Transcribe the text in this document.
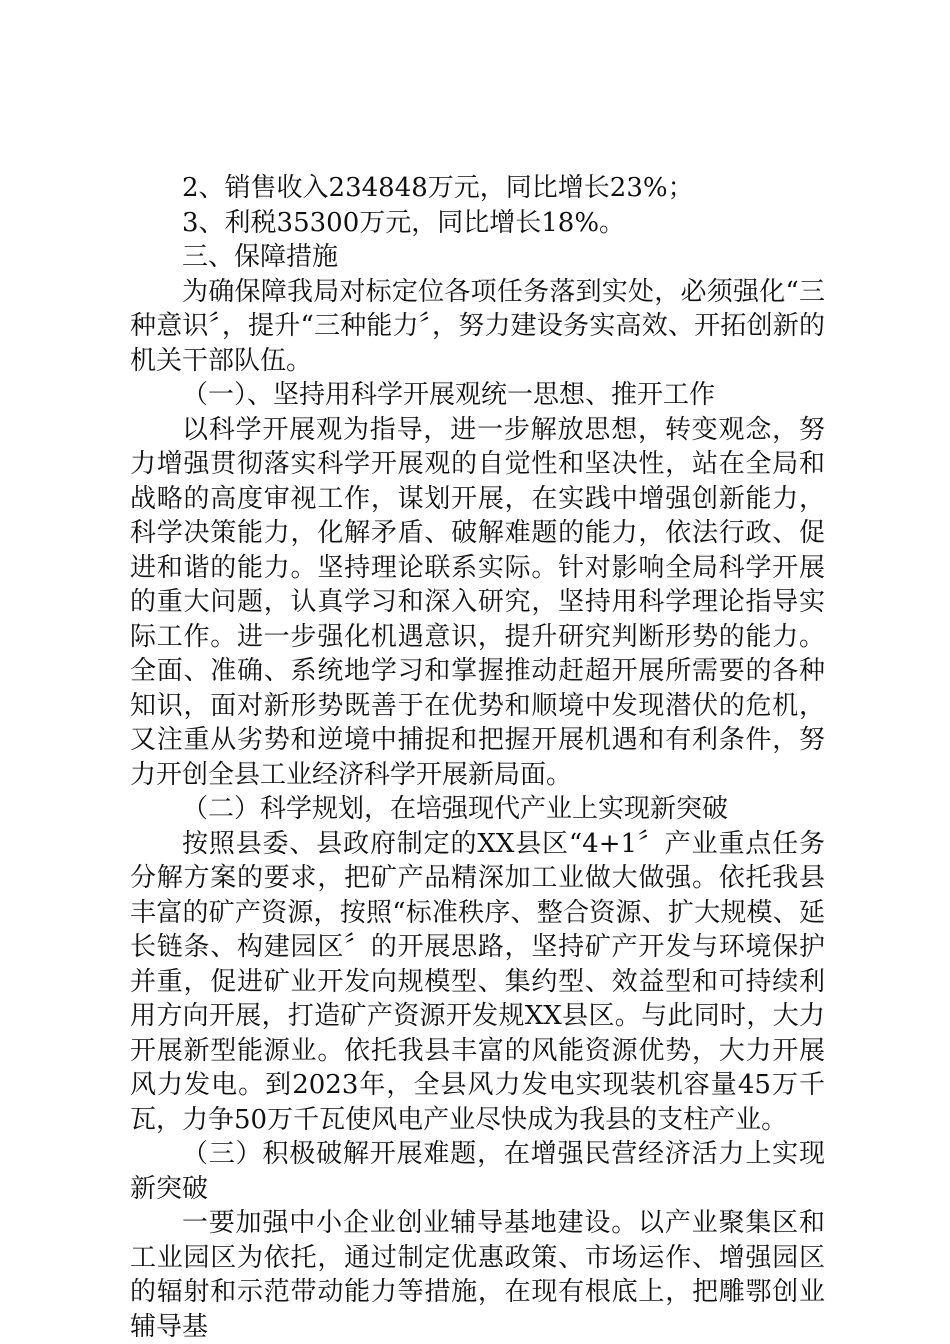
2、销售收入234848万元，同比增长23%；

3、利税35300万元，同比增长18%。

三、保障措施

为确保障我局对标定位各项任务落到实处，必须强化“三种意识〞，提升“三种能力〞，努力建设务实高效、开拓创新的机关干部队伍。

（一）、坚持用科学开展观统一思想、推开工作

以科学开展观为指导，进一步解放思想，转变观念，努力增强贯彻落实科学开展观的自觉性和坚决性，站在全局和战略的高度审视工作，谋划开展，在实践中增强创新能力，科学决策能力，化解矛盾、破解难题的能力，依法行政、促进和谐的能力。坚持理论联系实际。针对影响全局科学开展的重大问题，认真学习和深入研究，坚持用科学理论指导实际工作。进一步强化机遇意识，提升研究判断形势的能力。全面、准确、系统地学习和掌握推动赶超开展所需要的各种知识，面对新形势既善于在优势和顺境中发现潜伏的危机，又注重从劣势和逆境中捕捉和把握开展机遇和有利条件，努力开创全县工业经济科学开展新局面。

（二）科学规划，在培强现代产业上实现新突破

按照县委、县政府制定的XX县区“4+1〞产业重点任务分解方案的要求，把矿产品精深加工业做大做强。依托我县丰富的矿产资源，按照“标准秩序、整合资源、扩大规模、延长链条、构建园区〞的开展思路，坚持矿产开发与环境保护并重，促进矿业开发向规模型、集约型、效益型和可持续利用方向开展，打造矿产资源开发规XX县区。与此同时，大力开展新型能源业。依托我县丰富的风能资源优势，大力开展风力发电。到2023年，全县风力发电实现装机容量45万千瓦，力争50万千瓦使风电产业尽快成为我县的支柱产业。

（三）积极破解开展难题，在增强民营经济活力上实现新突破

一要加强中小企业创业辅导基地建设。以产业聚集区和工业园区为依托，通过制定优惠政策、市场运作、增强园区的辐射和示范带动能力等措施，在现有根底上，把雕鄂创业辅导基
